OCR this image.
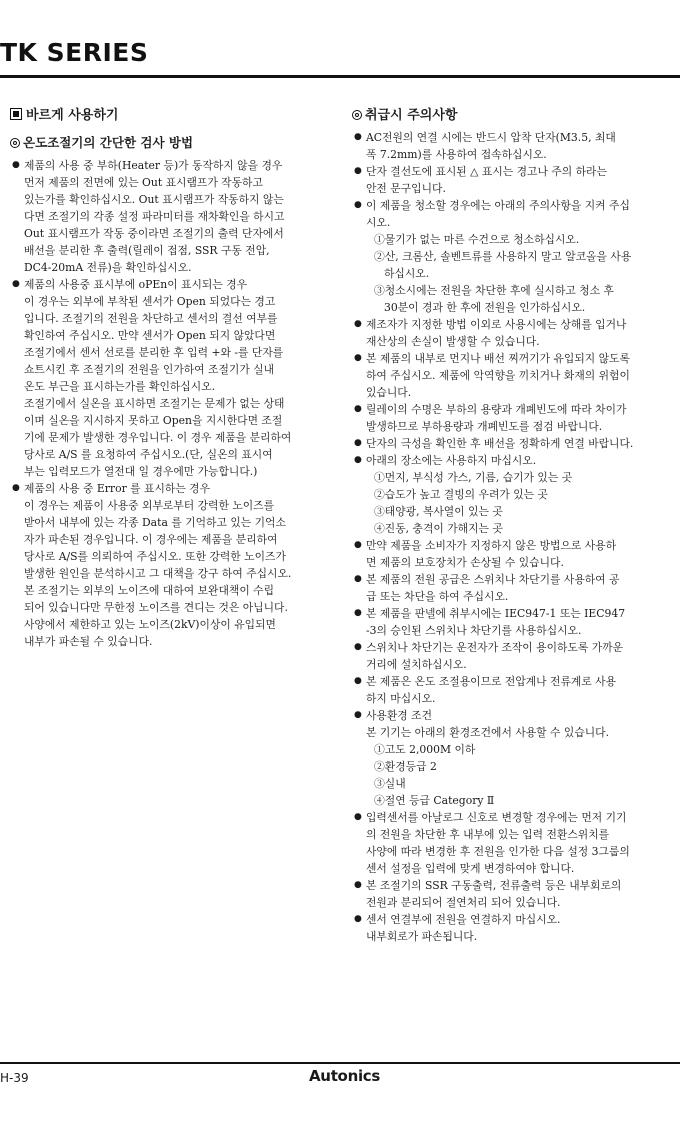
TK SERIES
바르게 사용하기
온도조절기의 간단한 검사 방법
● 제품의 사용 중 부하(Heater 등)가 동작하지 않을 경우
먼저 제품의 전면에 있는 Out 표시램프가 작동하고
있는가를 확인하십시오. Out 표시램프가 작동하지 않는
다면 조절기의 각종 설정 파라미터를 재차확인을 하시고
Out 표시램프가 작동 중이라면 조절기의 출력 단자에서
배선을 분리한 후 출력(릴레이 접점, SSR 구동 전압,
DC4-20mA 전류)을 확인하십시오.
● 제품의 사용중 표시부에 oPEn이 표시되는 경우
이 경우는 외부에 부착된 센서가 Open 되었다는 경고
입니다. 조절기의 전원을 차단하고 센서의 결선 여부를
확인하여 주십시오. 만약 센서가 Open 되지 않았다면
조절기에서 센서 선로를 분리한 후 입력 +와 -를 단자를
쇼트시킨 후 조절기의 전원을 인가하여 조절기가 실내
온도 부근을 표시하는가를 확인하십시오.
조절기에서 실온을 표시하면 조절기는 문제가 없는 상태
이며 실온을 지시하지 못하고 Open을 지시한다면 조절
기에 문제가 발생한 경우입니다. 이 경우 제품을 분리하여
당사로 A/S 를 요청하여 주십시오.(단, 실온의 표시여
부는 입력모드가 열전대 일 경우에만 가능합니다.)
● 제품의 사용 중 Error 를 표시하는 경우
이 경우는 제품이 사용중 외부로부터 강력한 노이즈를
받아서 내부에 있는 각종 Data 를 기억하고 있는 기억소
자가 파손된 경우입니다. 이 경우에는 제품을 분리하여
당사로 A/S를 의뢰하여 주십시오. 또한 강력한 노이즈가
발생한 원인을 분석하시고 그 대책을 강구 하여 주십시오.
본 조절기는 외부의 노이즈에 대하여 보완대책이 수립
되어 있습니다만 무한정 노이즈를 견디는 것은 아닙니다.
사양에서 제한하고 있는 노이즈(2kV)이상이 유입되면
내부가 파손될 수 있습니다.
취급시 주의사항
● AC전원의 연결 시에는 반드시 압착 단자(M3.5, 최대
폭 7.2mm)를 사용하여 접속하십시오.
● 단자 결선도에 표시된 △ 표시는 경고나 주의 하라는
안전 문구입니다.
● 이 제품을 청소할 경우에는 아래의 주의사항을 지켜 주십
시오.
①물기가 없는 마른 수건으로 청소하십시오.
②산, 크롬산, 솔벤트류를 사용하지 말고 알코올을 사용
하십시오.
③청소시에는 전원을 차단한 후에 실시하고 청소 후
30분이 경과 한 후에 전원을 인가하십시오.
● 제조자가 지정한 방법 이외로 사용시에는 상해를 입거나
재산상의 손실이 발생할 수 있습니다.
● 본 제품의 내부로 먼지나 배선 찌꺼기가 유입되지 않도록
하여 주십시오. 제품에 악역향을 끼치거나 화재의 위험이
있습니다.
● 릴레이의 수명은 부하의 용량과 개폐빈도에 따라 차이가
발생하므로 부하용량과 개폐빈도를 점검 바랍니다.
● 단자의 극성을 확인한 후 배선을 정확하게 연결 바랍니다.
● 아래의 장소에는 사용하지 마십시오.
①먼지, 부식성 가스, 기름, 습기가 있는 곳
②습도가 높고 결빙의 우려가 있는 곳
③태양광, 복사열이 있는 곳
④진동, 충격이 가해지는 곳
● 만약 제품을 소비자가 지정하지 않은 방법으로 사용하
면 제품의 보호장치가 손상될 수 있습니다.
● 본 제품의 전원 공급은 스위치나 차단기를 사용하여 공
급 또는 차단을 하여 주십시오.
● 본 제품을 판넬에 취부시에는 IEC947-1 또는 IEC947
-3의 승인된 스위치나 차단기를 사용하십시오.
● 스위치나 차단기는 운전자가 조작이 용이하도록 가까운
거리에 설치하십시오.
● 본 제품은 온도 조절용이므로 전압계나 전류계로 사용
하지 마십시오.
● 사용환경 조건
본 기기는 아래의 환경조건에서 사용할 수 있습니다.
①고도 2,000M 이하
②환경등급 2
③실내
④절연 등급 Category Ⅱ
● 입력센서를 아날로그 신호로 변경할 경우에는 먼저 기기
의 전원을 차단한 후 내부에 있는 입력 전환스위치를
사양에 따라 변경한 후 전원을 인가한 다음 설정 3그룹의
센서 설정을 입력에 맞게 변경하여야 합니다.
● 본 조절기의 SSR 구동출력, 전류출력 등은 내부회로의
전원과 분리되어 절연처리 되어 있습니다.
● 센서 연결부에 전원을 연결하지 마십시오.
내부회로가 파손됩니다.
H-39	Autonics
